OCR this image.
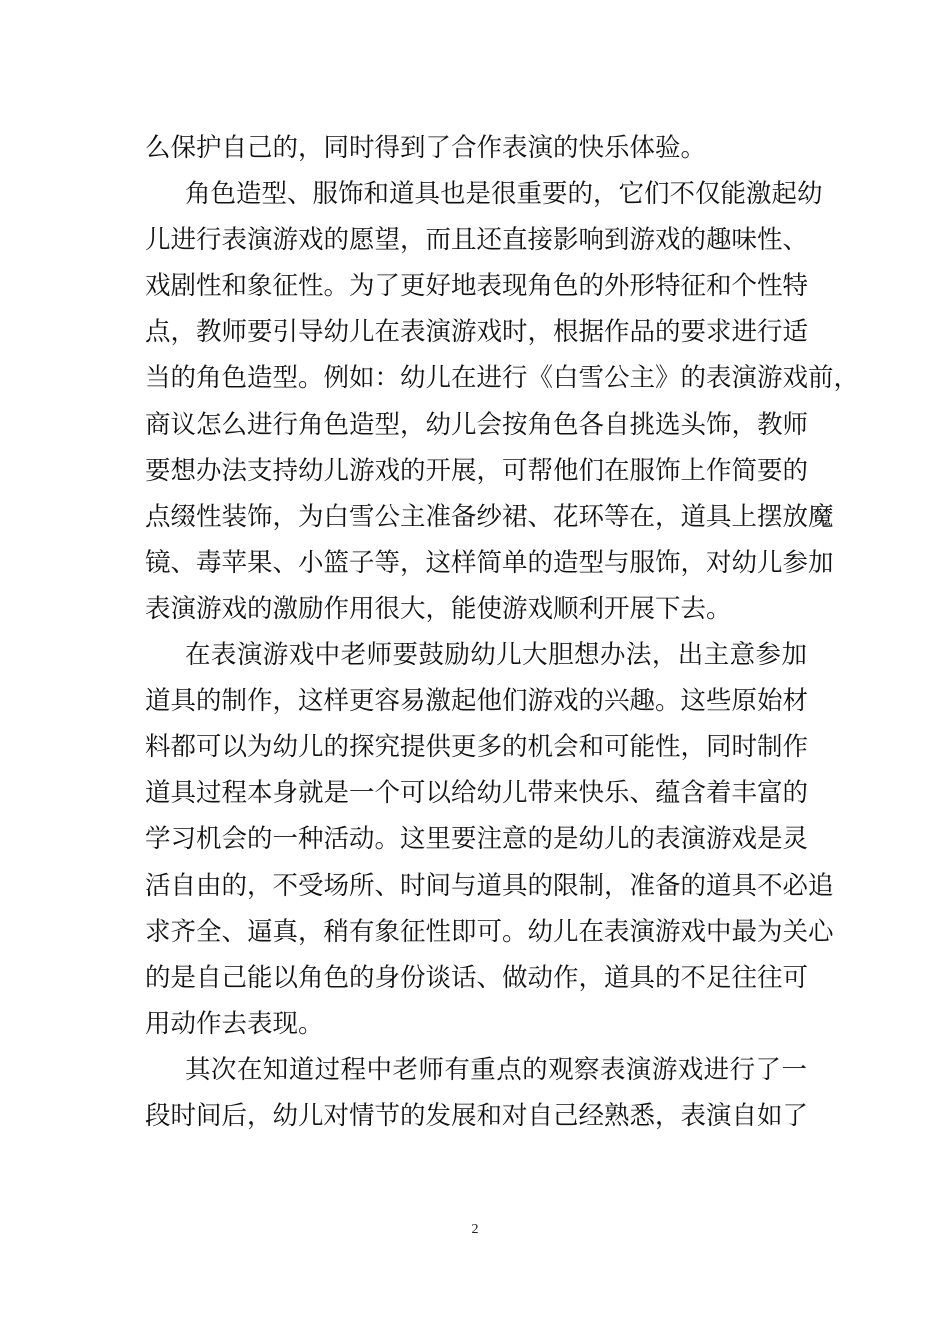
么保护自己的，同时得到了合作表演的快乐体验。
角色造型、服饰和道具也是很重要的，它们不仅能激起幼
儿进行表演游戏的愿望，而且还直接影响到游戏的趣味性、
戏剧性和象征性。为了更好地表现角色的外形特征和个性特
点，教师要引导幼儿在表演游戏时，根据作品的要求进行适
当的角色造型。例如：幼儿在进行《白雪公主》的表演游戏前，
商议怎么进行角色造型，幼儿会按角色各自挑选头饰，教师
要想办法支持幼儿游戏的开展，可帮他们在服饰上作简要的
点缀性装饰，为白雪公主准备纱裙、花环等在，道具上摆放魔
镜、毒苹果、小篮子等，这样简单的造型与服饰，对幼儿参加
表演游戏的激励作用很大，能使游戏顺利开展下去。
在表演游戏中老师要鼓励幼儿大胆想办法，出主意参加
道具的制作，这样更容易激起他们游戏的兴趣。这些原始材
料都可以为幼儿的探究提供更多的机会和可能性，同时制作
道具过程本身就是一个可以给幼儿带来快乐、蕴含着丰富的
学习机会的一种活动。这里要注意的是幼儿的表演游戏是灵
活自由的，不受场所、时间与道具的限制，准备的道具不必追
求齐全、逼真，稍有象征性即可。幼儿在表演游戏中最为关心
的是自己能以角色的身份谈话、做动作，道具的不足往往可
用动作去表现。
其次在知道过程中老师有重点的观察表演游戏进行了一
段时间后，幼儿对情节的发展和对自己经熟悉，表演自如了
2
